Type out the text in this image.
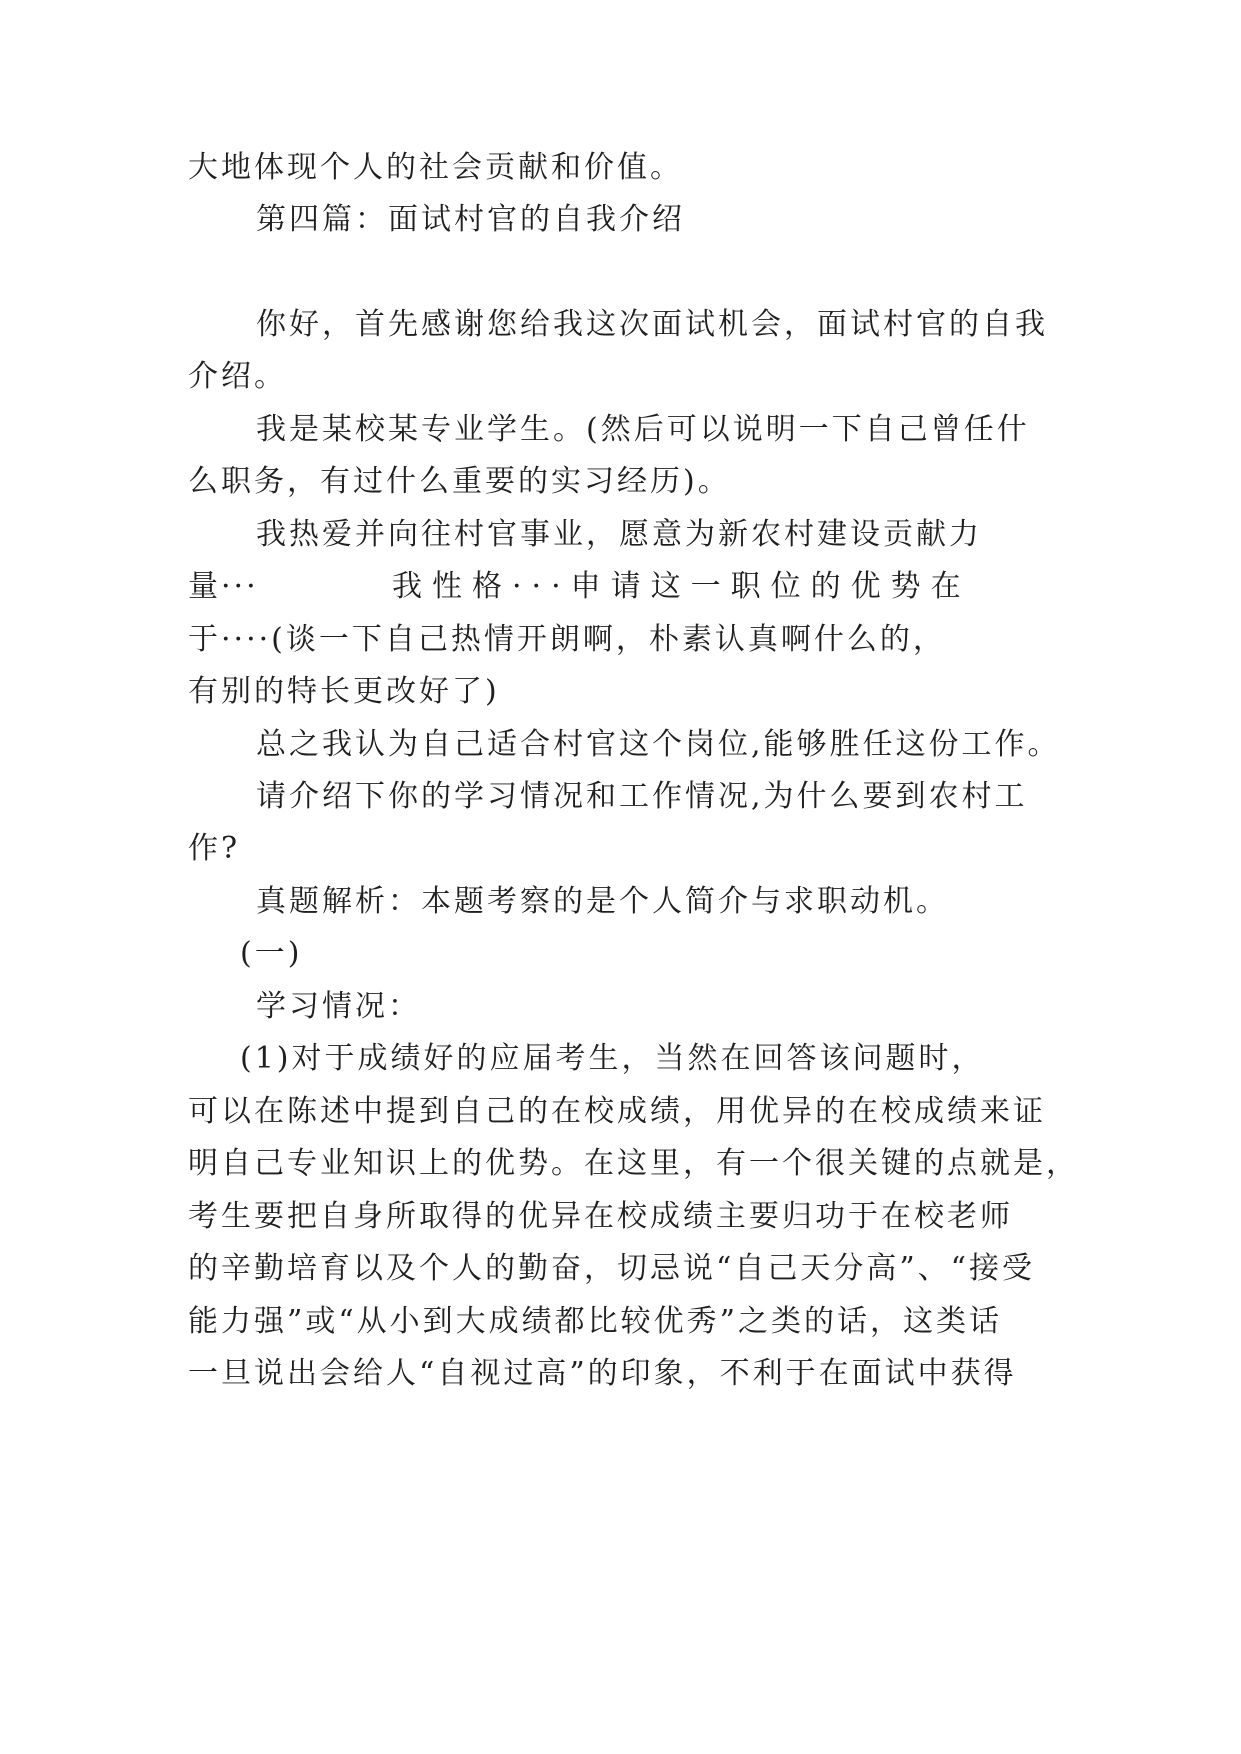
大地体现个人的社会贡献和价值。
第四篇：面试村官的自我介绍
你好，首先感谢您给我这次面试机会，面试村官的自我
介绍。
我是某校某专业学生。(然后可以说明一下自己曾任什
么职务，有过什么重要的实习经历)。
我热爱并向往村官事业，愿意为新农村建设贡献力
量···	我性格···申请这一职位的优势在
于····(谈一下自己热情开朗啊，朴素认真啊什么的，
有别的特长更改好了)
总之我认为自己适合村官这个岗位,能够胜任这份工作。
请介绍下你的学习情况和工作情况,为什么要到农村工
作?
真题解析：本题考察的是个人简介与求职动机。
(一)
学习情况：
(1)对于成绩好的应届考生，当然在回答该问题时，
可以在陈述中提到自己的在校成绩，用优异的在校成绩来证
明自己专业知识上的优势。在这里，有一个很关键的点就是，
考生要把自身所取得的优异在校成绩主要归功于在校老师
的辛勤培育以及个人的勤奋，切忌说“自己天分高”、“接受
能力强”或“从小到大成绩都比较优秀”之类的话，这类话
一旦说出会给人“自视过高”的印象，不利于在面试中获得
